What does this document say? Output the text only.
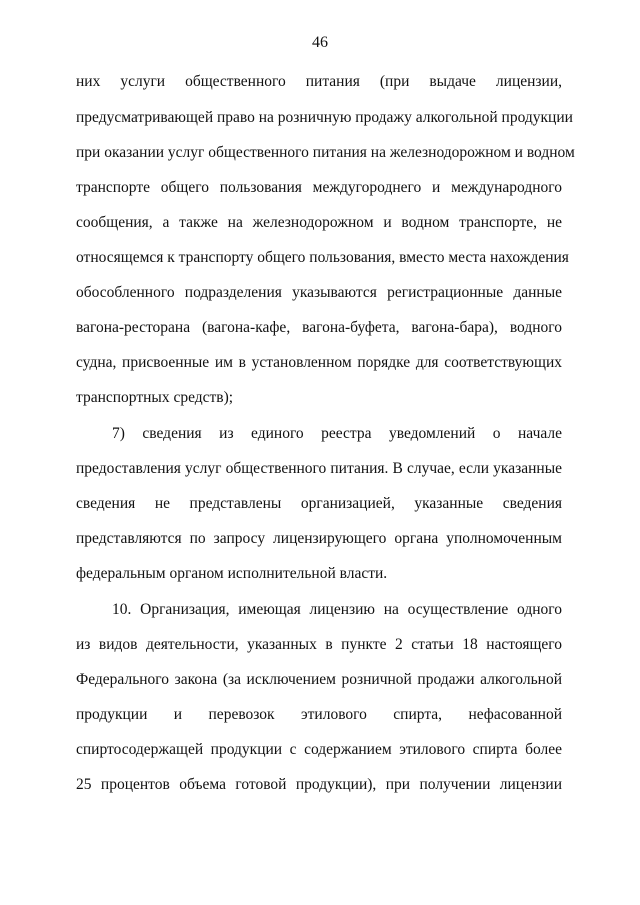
46
них услуги общественного питания (при выдаче лицензии,
предусматривающей право на розничную продажу алкогольной продукции
при оказании услуг общественного питания на железнодорожном и водном
транспорте общего пользования междугороднего и международного
сообщения, а также на железнодорожном и водном транспорте, не
относящемся к транспорту общего пользования, вместо места нахождения
обособленного подразделения указываются регистрационные данные
вагона-ресторана (вагона-кафе, вагона-буфета, вагона-бара), водного
судна, присвоенные им в установленном порядке для соответствующих
транспортных средств);
7) сведения из единого реестра уведомлений о начале
предоставления услуг общественного питания. В случае, если указанные
сведения не представлены организацией, указанные сведения
представляются по запросу лицензирующего органа уполномоченным
федеральным органом исполнительной власти.
10. Организация, имеющая лицензию на осуществление одного
из видов деятельности, указанных в пункте 2 статьи 18 настоящего
Федерального закона (за исключением розничной продажи алкогольной
продукции и перевозок этилового спирта, нефасованной
спиртосодержащей продукции с содержанием этилового спирта более
25 процентов объема готовой продукции), при получении лицензии
